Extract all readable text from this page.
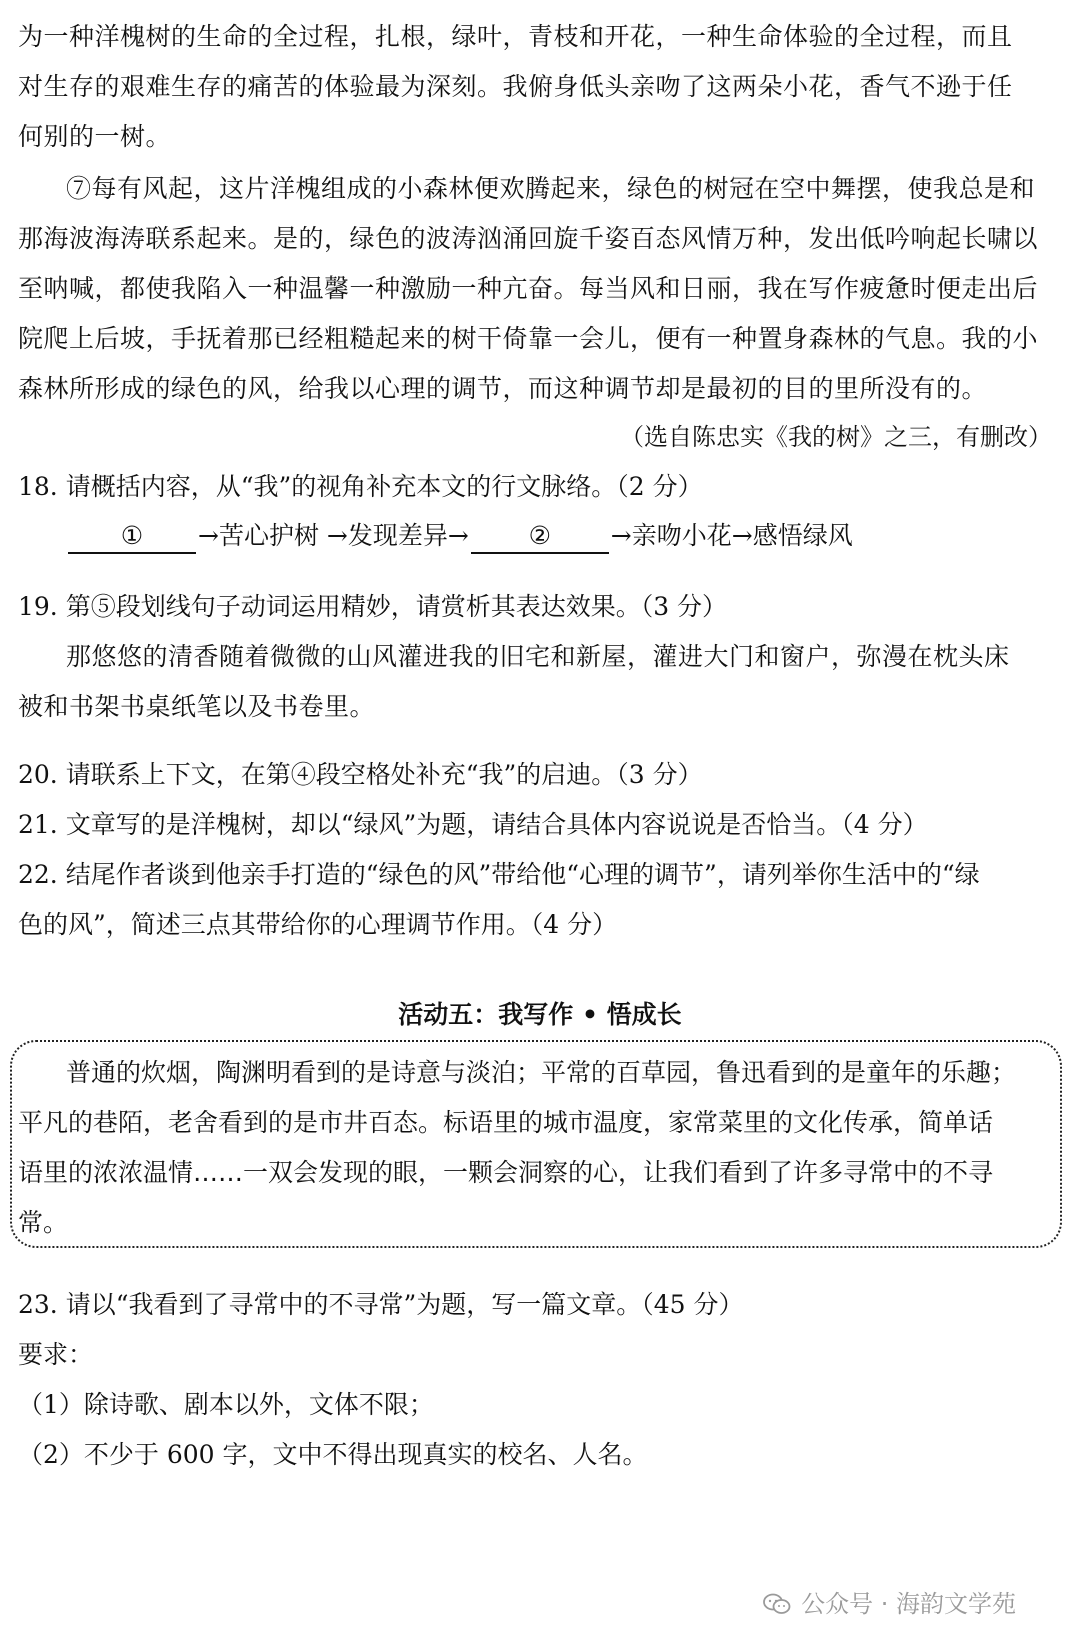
为一种洋槐树的生命的全过程，扎根，绿叶，青枝和开花，一种生命体验的全过程，而且
对生存的艰难生存的痛苦的体验最为深刻。我俯身低头亲吻了这两朵小花，香气不逊于任
何别的一树。
⑦每有风起，这片洋槐组成的小森林便欢腾起来，绿色的树冠在空中舞摆，使我总是和
那海波海涛联系起来。是的，绿色的波涛汹涌回旋千姿百态风情万种，发出低吟响起长啸以
至呐喊，都使我陷入一种温馨一种激励一种亢奋。每当风和日丽，我在写作疲惫时便走出后
院爬上后坡，手抚着那已经粗糙起来的树干倚靠一会儿，便有一种置身森林的气息。我的小
森林所形成的绿色的风，给我以心理的调节，而这种调节却是最初的目的里所没有的。
（选自陈忠实《我的树》之三，有删改）
18. 请概括内容，从“我”的视角补充本文的行文脉络。（2 分）
① →苦心护树 →发现差异→ ② →亲吻小花→感悟绿风
19. 第⑤段划线句子动词运用精妙，请赏析其表达效果。（3 分）
那悠悠的清香随着微微的山风灌进我的旧宅和新屋，灌进大门和窗户，弥漫在枕头床
被和书架书桌纸笔以及书卷里。
20. 请联系上下文，在第④段空格处补充“我”的启迪。（3 分）
21. 文章写的是洋槐树，却以“绿风”为题，请结合具体内容说说是否恰当。（4 分）
22. 结尾作者谈到他亲手打造的“绿色的风”带给他“心理的调节”，请列举你生活中的“绿
色的风”，简述三点其带给你的心理调节作用。（4 分）
活动五：我写作 • 悟成长
普通的炊烟，陶渊明看到的是诗意与淡泊；平常的百草园，鲁迅看到的是童年的乐趣；
平凡的巷陌，老舍看到的是市井百态。标语里的城市温度，家常菜里的文化传承，简单话
语里的浓浓温情……一双会发现的眼，一颗会洞察的心，让我们看到了许多寻常中的不寻
常。
23. 请以“我看到了寻常中的不寻常”为题，写一篇文章。（45 分）
要求：
（1）除诗歌、剧本以外，文体不限；
（2）不少于 600 字，文中不得出现真实的校名、人名。
公众号 · 海韵文学苑
